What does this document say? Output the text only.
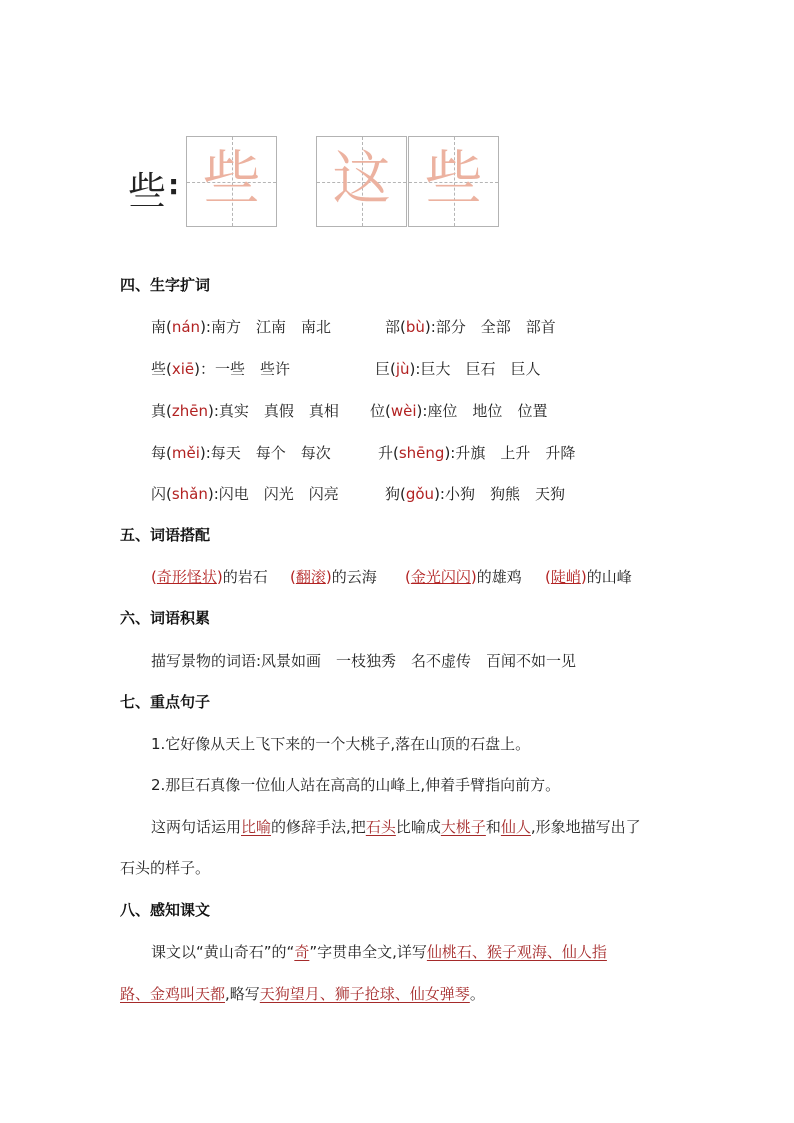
些 : 些 这 些
四、生字扩词
南(nán):南方　江南　南北	部(bù):部分　全部　部首
些(xiē)：一些　些许	巨(jù):巨大　巨石　巨人
真(zhēn):真实　真假　真相 位(wèi):座位　地位　位置
每(měi):每天　每个　每次	升(shēng):升旗　上升　升降
闪(shǎn):闪电　闪光　闪亮	狗(gǒu):小狗　狗熊　天狗
五、词语搭配
(奇形怪状)的岩石 (翻滚)的云海 (金光闪闪)的雄鸡 (陡峭)的山峰
六、词语积累
描写景物的词语:风景如画　一枝独秀　名不虚传　百闻不如一见
七、重点句子
1.它好像从天上飞下来的一个大桃子,落在山顶的石盘上。
2.那巨石真像一位仙人站在高高的山峰上,伸着手臂指向前方。
这两句话运用比喻的修辞手法,把石头比喻成大桃子和仙人,形象地描写出了
石头的样子。
八、感知课文
课文以“黄山奇石”的“奇”字贯串全文,详写仙桃石、猴子观海、仙人指
路、金鸡叫天都,略写天狗望月、狮子抢球、仙女弹琴。
